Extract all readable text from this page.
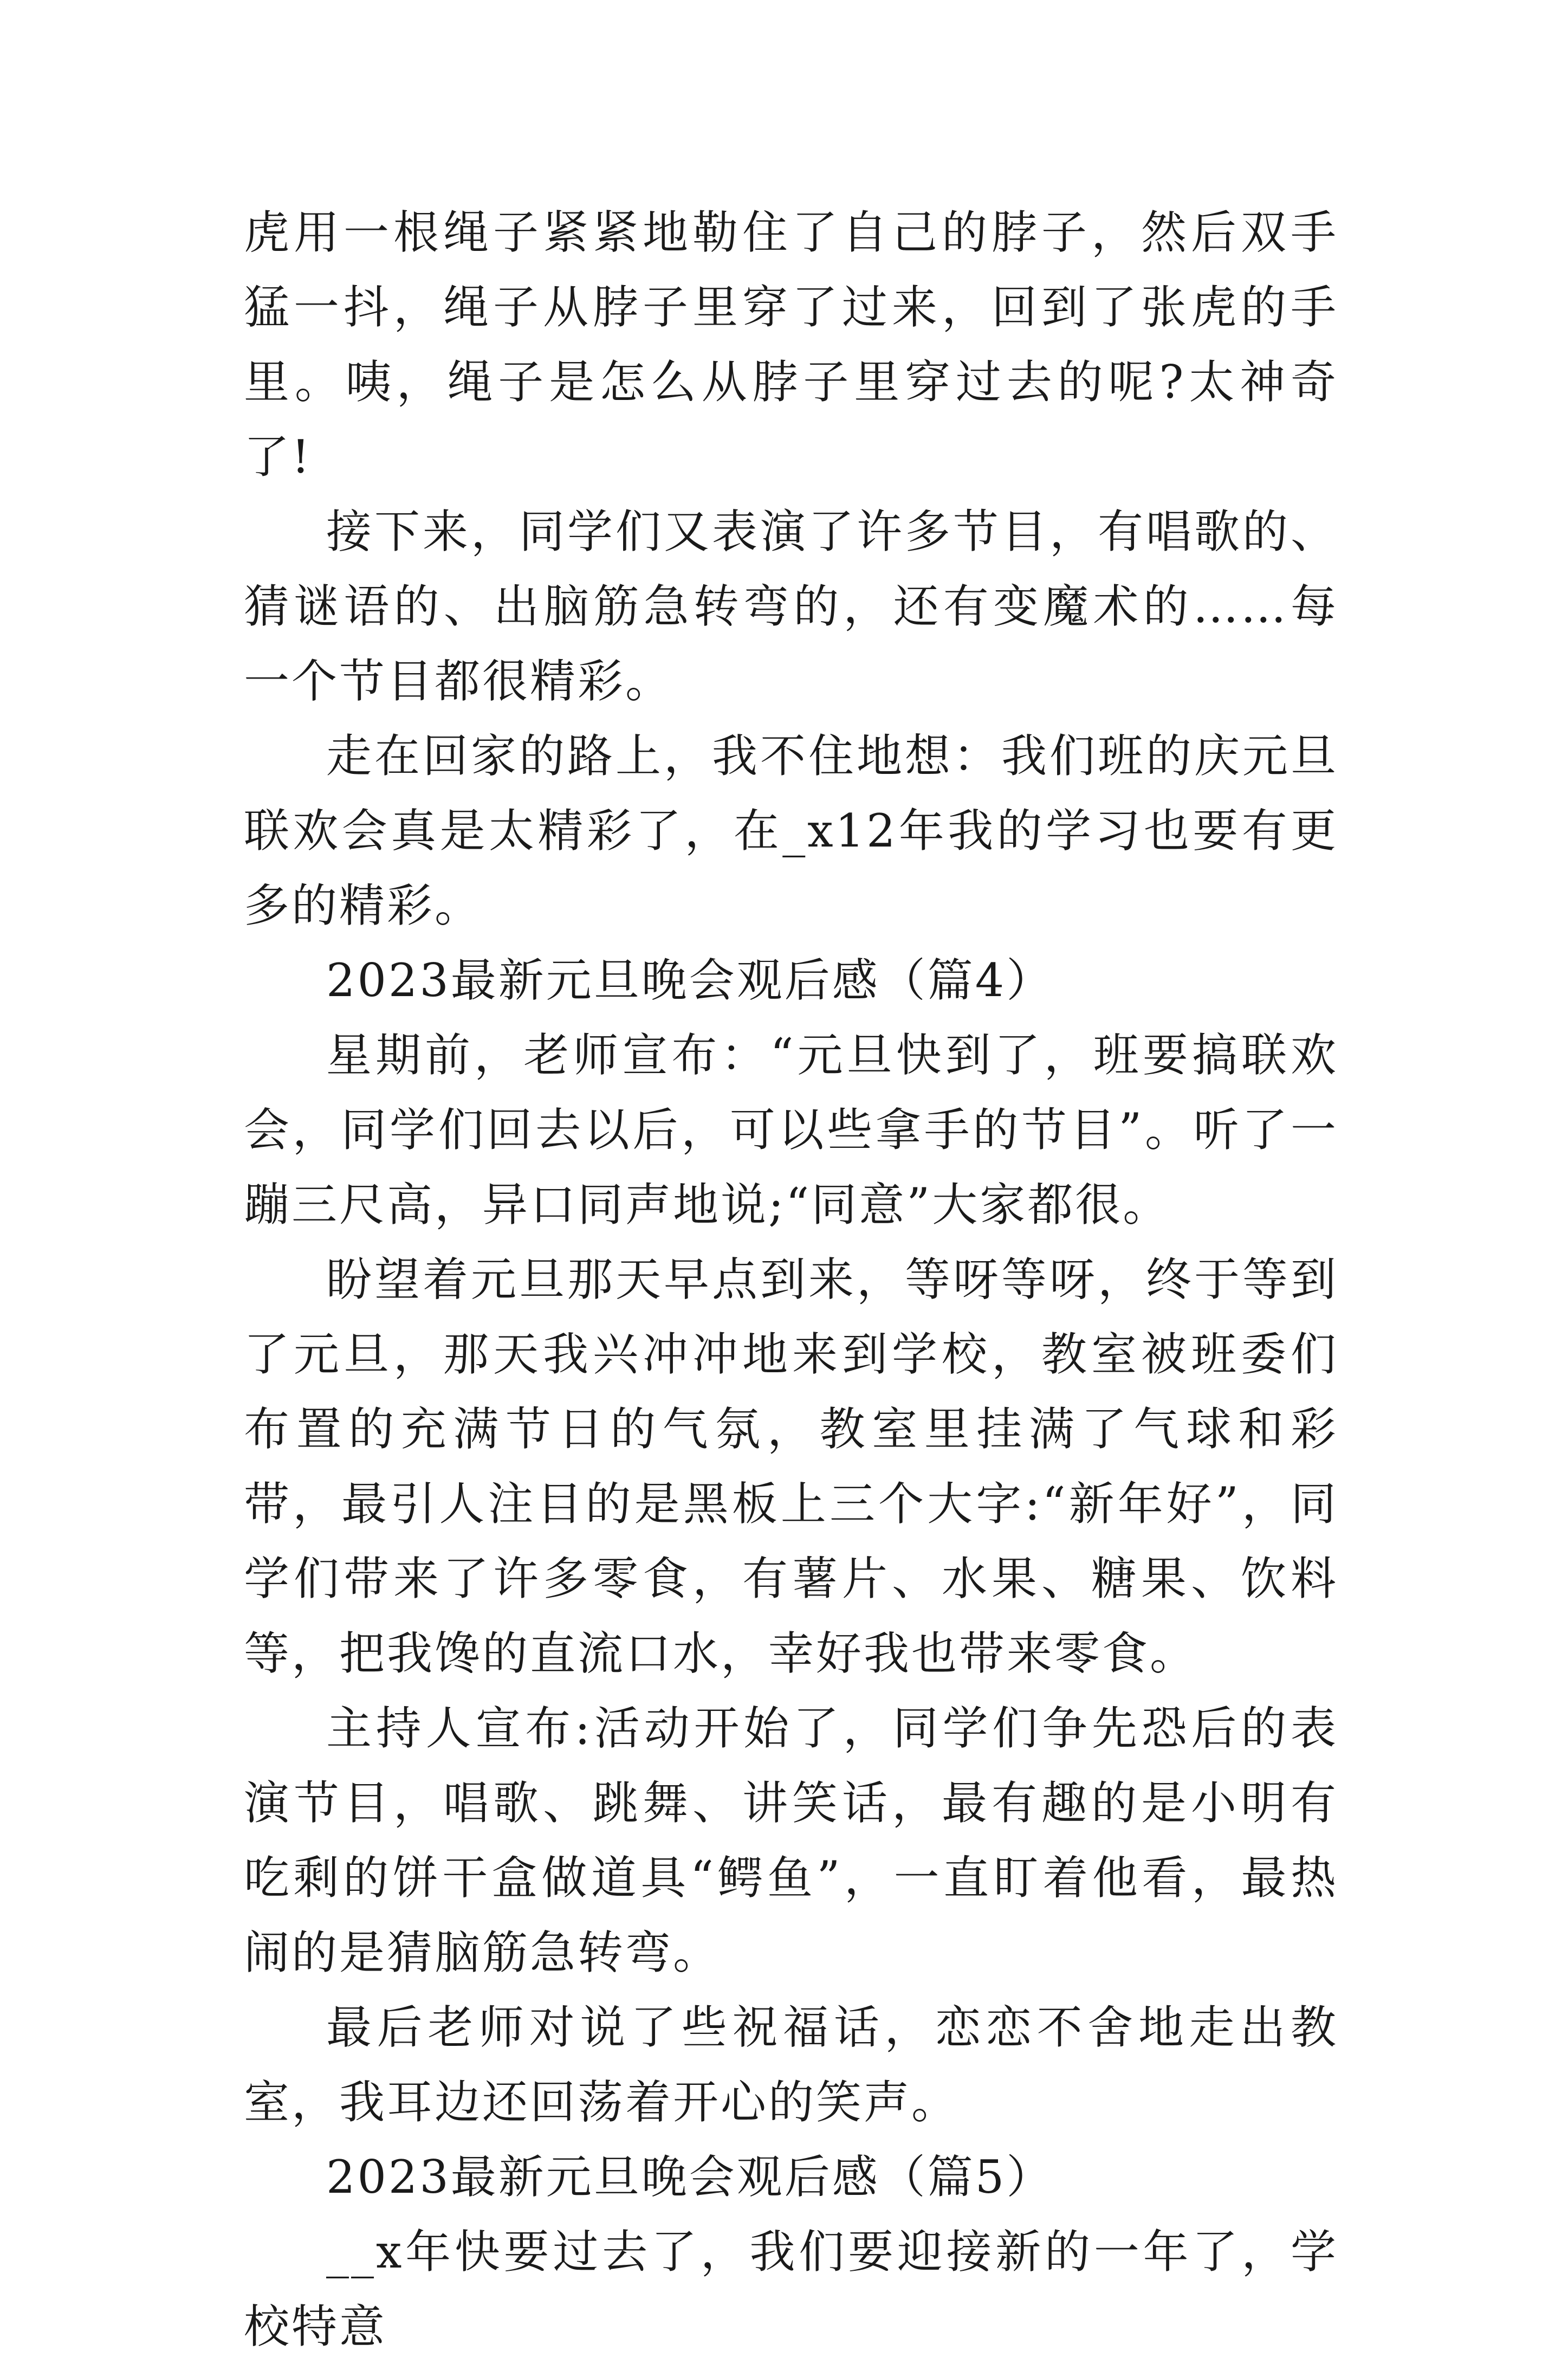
虎用一根绳子紧紧地勒住了自己的脖子，然后双手猛一抖，绳子从脖子里穿了过来，回到了张虎的手里。咦，绳子是怎么从脖子里穿过去的呢?太神奇了!

接下来，同学们又表演了许多节目，有唱歌的、猜谜语的、出脑筋急转弯的，还有变魔术的……每一个节目都很精彩。

走在回家的路上，我不住地想：我们班的庆元旦联欢会真是太精彩了，在_x12年我的学习也要有更多的精彩。

2023最新元旦晚会观后感（篇4）

星期前，老师宣布：“元旦快到了，班要搞联欢会，同学们回去以后，可以些拿手的节目”。听了一蹦三尺高，异口同声地说;“同意”大家都很。

盼望着元旦那天早点到来，等呀等呀，终于等到了元旦，那天我兴冲冲地来到学校，教室被班委们布置的充满节日的气氛，教室里挂满了气球和彩带，最引人注目的是黑板上三个大字:“新年好”，同学们带来了许多零食，有薯片、水果、糖果、饮料等，把我馋的直流口水，幸好我也带来零食。

主持人宣布:活动开始了，同学们争先恐后的表演节目，唱歌、跳舞、讲笑话，最有趣的是小明有吃剩的饼干盒做道具“鳄鱼”，一直盯着他看，最热闹的是猜脑筋急转弯。

最后老师对说了些祝福话，恋恋不舍地走出教室，我耳边还回荡着开心的笑声。

2023最新元旦晚会观后感（篇5）

__x年快要过去了，我们要迎接新的一年了，学校特意
